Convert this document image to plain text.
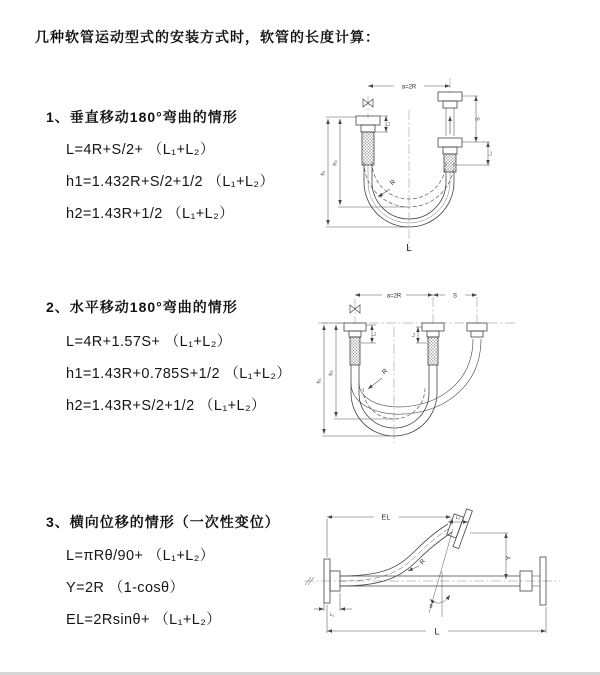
几种软管运动型式的安装方式时，软管的长度计算：
1、垂直移动180°弯曲的情形
L=4R+S/2+ （L₁+L₂）
h1=1.432R+S/2+1/2 （L₁+L₂）
h2=1.43R+1/2 （L₁+L₂）
a=2R
h₁
h₂
L₁
S
L₂
R
L
2、水平移动180°弯曲的情形
L=4R+1.57S+ （L₁+L₂）
h1=1.43R+0.785S+1/2 （L₁+L₂）
h2=1.43R+S/2+1/2 （L₁+L₂）
a=2R	S
h₁
h₂
L₁	L₂
R
3、横向位移的情形（一次性变位）
L=πRθ/90+ （L₁+L₂）
Y=2R （1-cosθ）
EL=2Rsinθ+ （L₁+L₂）
EL	L₂
Y
L
L₁
θ
R
